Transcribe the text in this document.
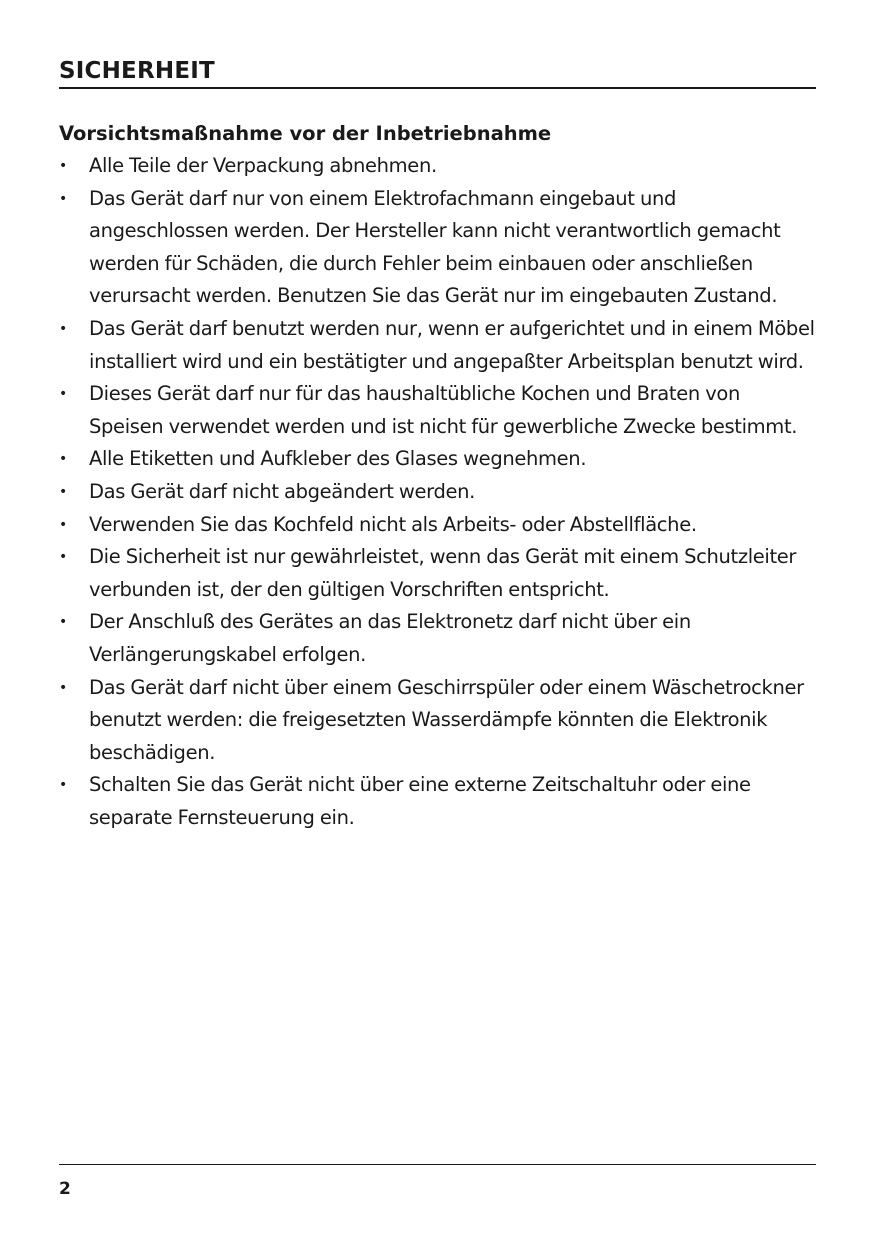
SICHERHEIT
Vorsichtsmaßnahme vor der Inbetriebnahme
• Alle Teile der Verpackung abnehmen.
• Das Gerät darf nur von einem Elektrofachmann eingebaut und angeschlossen werden. Der Hersteller kann nicht verantwortlich gemacht werden für Schäden, die durch Fehler beim einbauen oder anschließen verursacht werden. Benutzen Sie das Gerät nur im eingebauten Zustand.
• Das Gerät darf benutzt werden nur, wenn er aufgerichtet und in einem Möbel installiert wird und ein bestätigter und angepaßter Arbeitsplan benutzt wird.
• Dieses Gerät darf nur für das haushaltübliche Kochen und Braten von Speisen verwendet werden und ist nicht für gewerbliche Zwecke bestimmt.
• Alle Etiketten und Aufkleber des Glases wegnehmen.
• Das Gerät darf nicht abgeändert werden.
• Verwenden Sie das Kochfeld nicht als Arbeits- oder Abstellfläche.
• Die Sicherheit ist nur gewährleistet, wenn das Gerät mit einem Schutzleiter verbunden ist, der den gültigen Vorschriften entspricht.
• Der Anschluß des Gerätes an das Elektronetz darf nicht über ein Verlängerungskabel erfolgen.
• Das Gerät darf nicht über einem Geschirrspüler oder einem Wäschetrockner benutzt werden: die freigesetzten Wasserdämpfe könnten die Elektronik beschädigen.
• Schalten Sie das Gerät nicht über eine externe Zeitschaltuhr oder eine separate Fernsteuerung ein.
2
